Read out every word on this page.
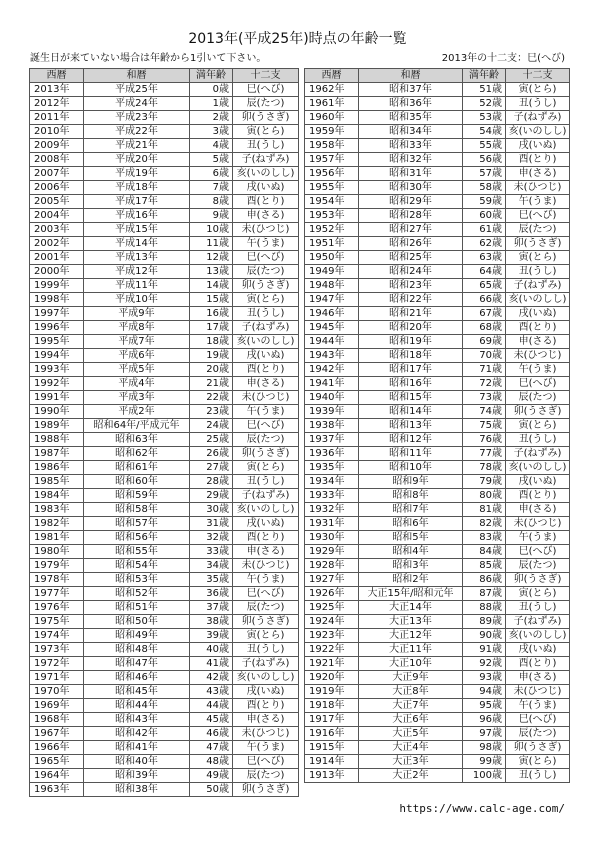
2013年(平成25年)時点の年齢一覧
誕生日が来ていない場合は年齢から1引いて下さい。	2013年の十二支：巳(へび)
西暦	和暦	満年齢	十二支
2013年	平成25年	0歳	巳(へび)
2012年	平成24年	1歳	辰(たつ)
2011年	平成23年	2歳	卯(うさぎ)
2010年	平成22年	3歳	寅(とら)
2009年	平成21年	4歳	丑(うし)
2008年	平成20年	5歳	子(ねずみ)
2007年	平成19年	6歳	亥(いのしし)
2006年	平成18年	7歳	戌(いぬ)
2005年	平成17年	8歳	酉(とり)
2004年	平成16年	9歳	申(さる)
2003年	平成15年	10歳	未(ひつじ)
2002年	平成14年	11歳	午(うま)
2001年	平成13年	12歳	巳(へび)
2000年	平成12年	13歳	辰(たつ)
1999年	平成11年	14歳	卯(うさぎ)
1998年	平成10年	15歳	寅(とら)
1997年	平成9年	16歳	丑(うし)
1996年	平成8年	17歳	子(ねずみ)
1995年	平成7年	18歳	亥(いのしし)
1994年	平成6年	19歳	戌(いぬ)
1993年	平成5年	20歳	酉(とり)
1992年	平成4年	21歳	申(さる)
1991年	平成3年	22歳	未(ひつじ)
1990年	平成2年	23歳	午(うま)
1989年	昭和64年/平成元年	24歳	巳(へび)
1988年	昭和63年	25歳	辰(たつ)
1987年	昭和62年	26歳	卯(うさぎ)
1986年	昭和61年	27歳	寅(とら)
1985年	昭和60年	28歳	丑(うし)
1984年	昭和59年	29歳	子(ねずみ)
1983年	昭和58年	30歳	亥(いのしし)
1982年	昭和57年	31歳	戌(いぬ)
1981年	昭和56年	32歳	酉(とり)
1980年	昭和55年	33歳	申(さる)
1979年	昭和54年	34歳	未(ひつじ)
1978年	昭和53年	35歳	午(うま)
1977年	昭和52年	36歳	巳(へび)
1976年	昭和51年	37歳	辰(たつ)
1975年	昭和50年	38歳	卯(うさぎ)
1974年	昭和49年	39歳	寅(とら)
1973年	昭和48年	40歳	丑(うし)
1972年	昭和47年	41歳	子(ねずみ)
1971年	昭和46年	42歳	亥(いのしし)
1970年	昭和45年	43歳	戌(いぬ)
1969年	昭和44年	44歳	酉(とり)
1968年	昭和43年	45歳	申(さる)
1967年	昭和42年	46歳	未(ひつじ)
1966年	昭和41年	47歳	午(うま)
1965年	昭和40年	48歳	巳(へび)
1964年	昭和39年	49歳	辰(たつ)
1963年	昭和38年	50歳	卯(うさぎ)
西暦	和暦	満年齢	十二支
1962年	昭和37年	51歳	寅(とら)
1961年	昭和36年	52歳	丑(うし)
1960年	昭和35年	53歳	子(ねずみ)
1959年	昭和34年	54歳	亥(いのしし)
1958年	昭和33年	55歳	戌(いぬ)
1957年	昭和32年	56歳	酉(とり)
1956年	昭和31年	57歳	申(さる)
1955年	昭和30年	58歳	未(ひつじ)
1954年	昭和29年	59歳	午(うま)
1953年	昭和28年	60歳	巳(へび)
1952年	昭和27年	61歳	辰(たつ)
1951年	昭和26年	62歳	卯(うさぎ)
1950年	昭和25年	63歳	寅(とら)
1949年	昭和24年	64歳	丑(うし)
1948年	昭和23年	65歳	子(ねずみ)
1947年	昭和22年	66歳	亥(いのしし)
1946年	昭和21年	67歳	戌(いぬ)
1945年	昭和20年	68歳	酉(とり)
1944年	昭和19年	69歳	申(さる)
1943年	昭和18年	70歳	未(ひつじ)
1942年	昭和17年	71歳	午(うま)
1941年	昭和16年	72歳	巳(へび)
1940年	昭和15年	73歳	辰(たつ)
1939年	昭和14年	74歳	卯(うさぎ)
1938年	昭和13年	75歳	寅(とら)
1937年	昭和12年	76歳	丑(うし)
1936年	昭和11年	77歳	子(ねずみ)
1935年	昭和10年	78歳	亥(いのしし)
1934年	昭和9年	79歳	戌(いぬ)
1933年	昭和8年	80歳	酉(とり)
1932年	昭和7年	81歳	申(さる)
1931年	昭和6年	82歳	未(ひつじ)
1930年	昭和5年	83歳	午(うま)
1929年	昭和4年	84歳	巳(へび)
1928年	昭和3年	85歳	辰(たつ)
1927年	昭和2年	86歳	卯(うさぎ)
1926年	大正15年/昭和元年	87歳	寅(とら)
1925年	大正14年	88歳	丑(うし)
1924年	大正13年	89歳	子(ねずみ)
1923年	大正12年	90歳	亥(いのしし)
1922年	大正11年	91歳	戌(いぬ)
1921年	大正10年	92歳	酉(とり)
1920年	大正9年	93歳	申(さる)
1919年	大正8年	94歳	未(ひつじ)
1918年	大正7年	95歳	午(うま)
1917年	大正6年	96歳	巳(へび)
1916年	大正5年	97歳	辰(たつ)
1915年	大正4年	98歳	卯(うさぎ)
1914年	大正3年	99歳	寅(とら)
1913年	大正2年	100歳	丑(うし)
https://www.calc-age.com/
